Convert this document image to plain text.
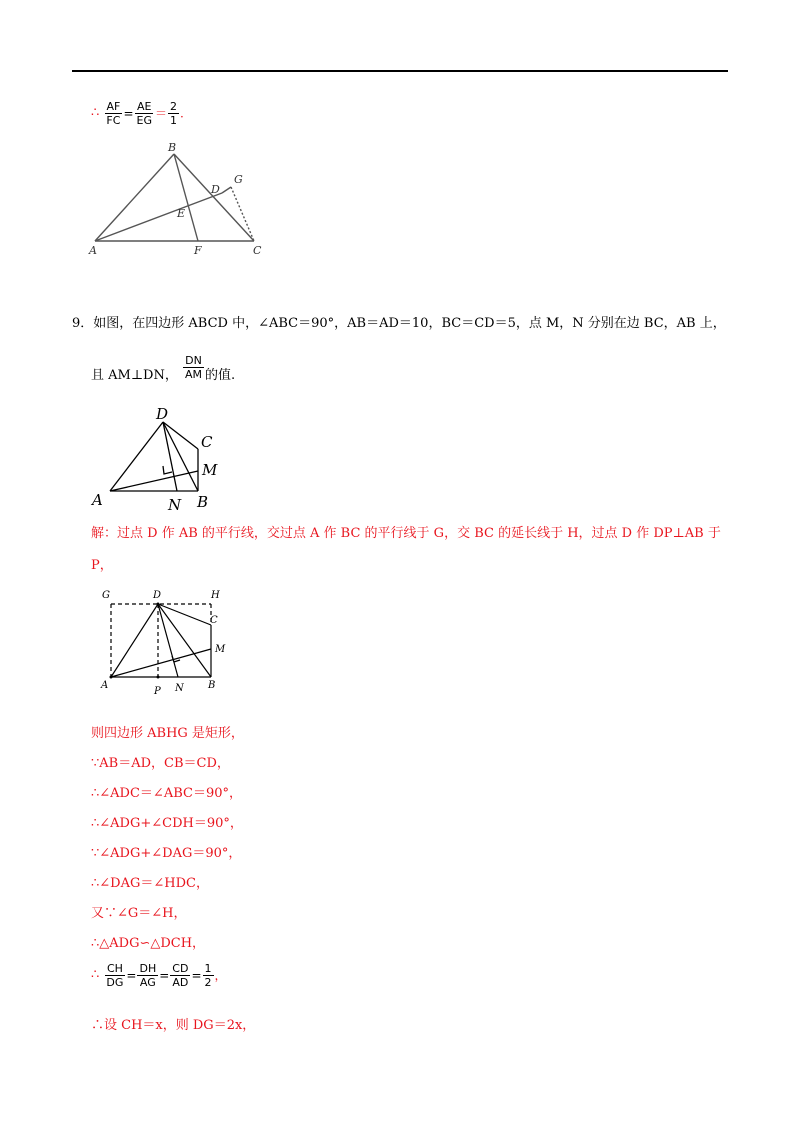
∴ $\frac{AF}{FC} = \frac{AE}{EG} = \frac{2}{1}$ .
B
A	F	C
D
E
G
9．如图，在四边形 ABCD 中，∠ABC＝90°，AB＝AD＝10，BC＝CD＝5，点 M，N 分别在边 BC，AB 上，
且 AM⊥DN， $\frac{DN}{AM}$ 的值.
D
C
M
A	N B
解：过点 D 作 AB 的平行线，交过点 A 作 BC 的平行线于 G，交 BC 的延长线于 H，过点 D 作 DP⊥AB 于
P，
G	D	H
C
M
A
P N B
则四边形 ABHG 是矩形，
∵AB＝AD，CB＝CD，
∴∠ADC＝∠ABC＝90°，
∴∠ADG+∠CDH＝90°，
∵∠ADG+∠DAG＝90°，
∴∠DAG＝∠HDC，
又∵∠G＝∠H，
∴△ADG∽△DCH，
∴ $\frac{CH}{DG} = \frac{DH}{AG} = \frac{CD}{AD} = \frac{1}{2}$ ，
∴设 CH＝x，则 DG＝2x，
